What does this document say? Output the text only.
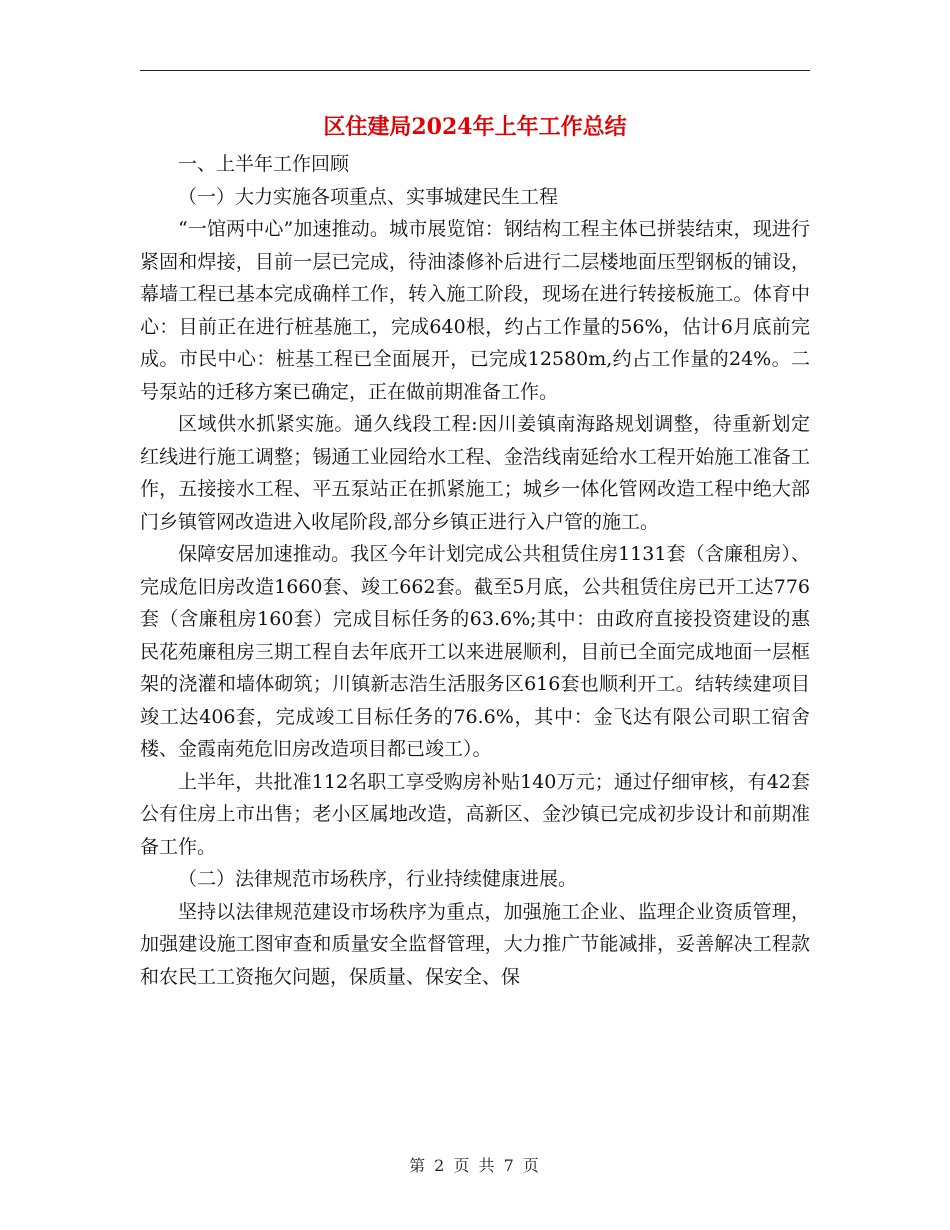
区住建局2024年上年工作总结

一、上半年工作回顾

（一）大力实施各项重点、实事城建民生工程

“一馆两中心”加速推动。城市展览馆：钢结构工程主体已拼装结束，现进行紧固和焊接，目前一层已完成，待油漆修补后进行二层楼地面压型钢板的铺设，幕墙工程已基本完成确样工作，转入施工阶段，现场在进行转接板施工。体育中心：目前正在进行桩基施工，完成640根，约占工作量的56%，估计6月底前完成。市民中心：桩基工程已全面展开，已完成12580m,约占工作量的24%。二号泵站的迁移方案已确定，正在做前期准备工作。

区域供水抓紧实施。通久线段工程:因川姜镇南海路规划调整，待重新划定红线进行施工调整；锡通工业园给水工程、金浩线南延给水工程开始施工准备工作，五接接水工程、平五泵站正在抓紧施工；城乡一体化管网改造工程中绝大部门乡镇管网改造进入收尾阶段,部分乡镇正进行入户管的施工。

保障安居加速推动。我区今年计划完成公共租赁住房1131套（含廉租房）、完成危旧房改造1660套、竣工662套。截至5月底，公共租赁住房已开工达776套（含廉租房160套）完成目标任务的63.6%;其中：由政府直接投资建设的惠民花苑廉租房三期工程自去年底开工以来进展顺利，目前已全面完成地面一层框架的浇灌和墙体砌筑；川镇新志浩生活服务区616套也顺利开工。结转续建项目竣工达406套，完成竣工目标任务的76.6%，其中：金飞达有限公司职工宿舍楼、金霞南苑危旧房改造项目都已竣工）。

上半年，共批准112名职工享受购房补贴140万元；通过仔细审核，有42套公有住房上市出售；老小区属地改造，高新区、金沙镇已完成初步设计和前期准备工作。

（二）法律规范市场秩序，行业持续健康进展。

坚持以法律规范建设市场秩序为重点，加强施工企业、监理企业资质管理，加强建设施工图审查和质量安全监督管理，大力推广节能减排，妥善解决工程款和农民工工资拖欠问题，保质量、保安全、保

第 2 页 共 7 页
